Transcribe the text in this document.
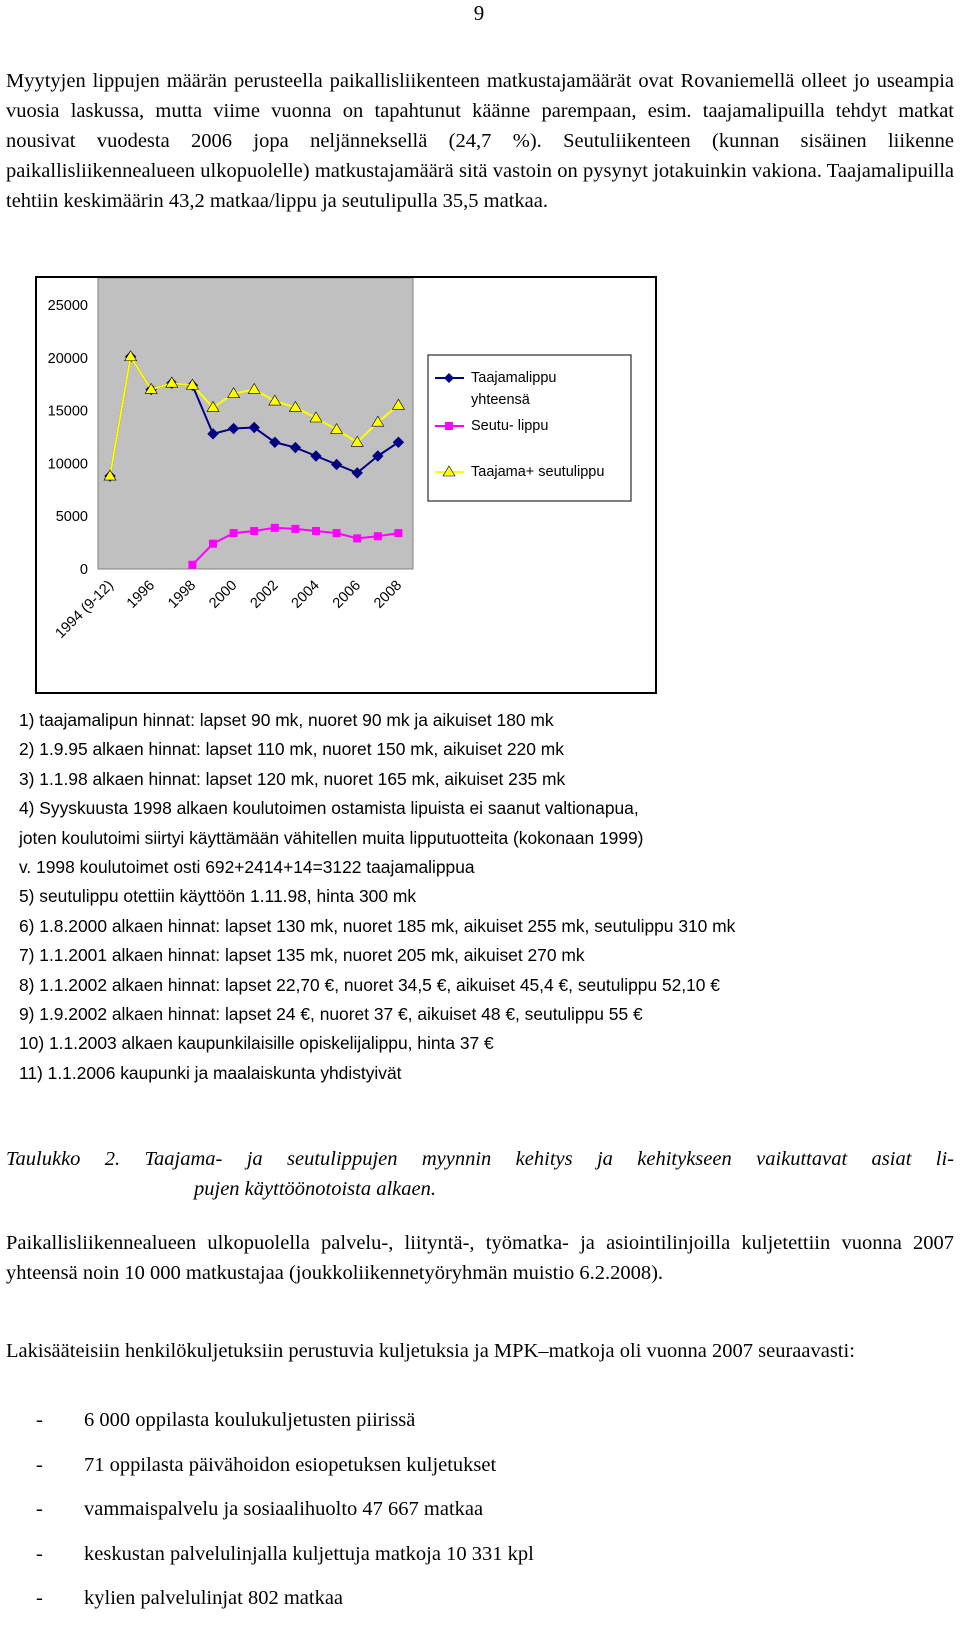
9

Myytyjen lippujen määrän perusteella paikallisliikenteen matkustajamäärät ovat Rovaniemellä olleet jo useampia vuosia laskussa, mutta viime vuonna on tapahtunut käänne parempaan, esim. taajamalipuilla tehdyt matkat nousivat vuodesta 2006 jopa neljänneksellä (24,7 %). Seutuliikenteen (kunnan sisäinen liikenne paikallisliikennealueen ulkopuolelle) matkustajamäärä sitä vastoin on pysynyt jotakuinkin vakiona. Taajamalipuilla tehtiin keskimäärin 43,2 matkaa/lippu ja seutulipulla 35,5 matkaa.

25000
20000
15000
10000
5000
0
1994 (9-12) 1996 1998 2000 2002 2004 2006 2008
Taajamalippu
yhteensä
Seutu- lippu
Taajama+ seutulippu
1) taajamalipun hinnat: lapset 90 mk, nuoret 90 mk ja aikuiset 180 mk
2) 1.9.95 alkaen hinnat: lapset 110 mk, nuoret 150 mk, aikuiset 220 mk
3) 1.1.98 alkaen hinnat: lapset 120 mk, nuoret 165 mk, aikuiset 235 mk
4) Syyskuusta 1998 alkaen koulutoimen ostamista lipuista ei saanut valtionapua,
joten koulutoimi siirtyi käyttämään vähitellen muita lipputuotteita (kokonaan 1999)
v. 1998 koulutoimet osti 692+2414+14=3122 taajamalippua
5) seutulippu otettiin käyttöön 1.11.98, hinta 300 mk
6) 1.8.2000 alkaen hinnat: lapset 130 mk, nuoret 185 mk, aikuiset 255 mk, seutulippu 310 mk
7) 1.1.2001 alkaen hinnat: lapset 135 mk, nuoret 205 mk, aikuiset 270 mk
8) 1.1.2002 alkaen hinnat: lapset 22,70 €, nuoret 34,5 €, aikuiset 45,4 €, seutulippu 52,10 €
9) 1.9.2002 alkaen hinnat: lapset 24 €, nuoret 37 €, aikuiset 48 €, seutulippu 55 €
10) 1.1.2003 alkaen kaupunkilaisille opiskelijalippu, hinta 37 €
11) 1.1.2006 kaupunki ja maalaiskunta yhdistyivät
Taulukko 2. Taajama- ja seutulippujen myynnin kehitys ja kehitykseen vaikuttavat asiat li-
pujen käyttöönotoista alkaen.

Paikallisliikennealueen ulkopuolella palvelu-, liityntä-, työmatka- ja asiointilinjoilla kuljetettiin vuonna 2007 yhteensä noin 10 000 matkustajaa (joukkoliikennetyöryhmän muistio 6.2.2008).

Lakisääteisiin henkilökuljetuksiin perustuvia kuljetuksia ja MPK–matkoja oli vuonna 2007 seuraavasti:

- 6 000 oppilasta koulukuljetusten piirissä
- 71 oppilasta päivähoidon esiopetuksen kuljetukset
- vammaispalvelu ja sosiaalihuolto 47 667 matkaa
- keskustan palvelulinjalla kuljettuja matkoja 10 331 kpl
- kylien palvelulinjat 802 matkaa
